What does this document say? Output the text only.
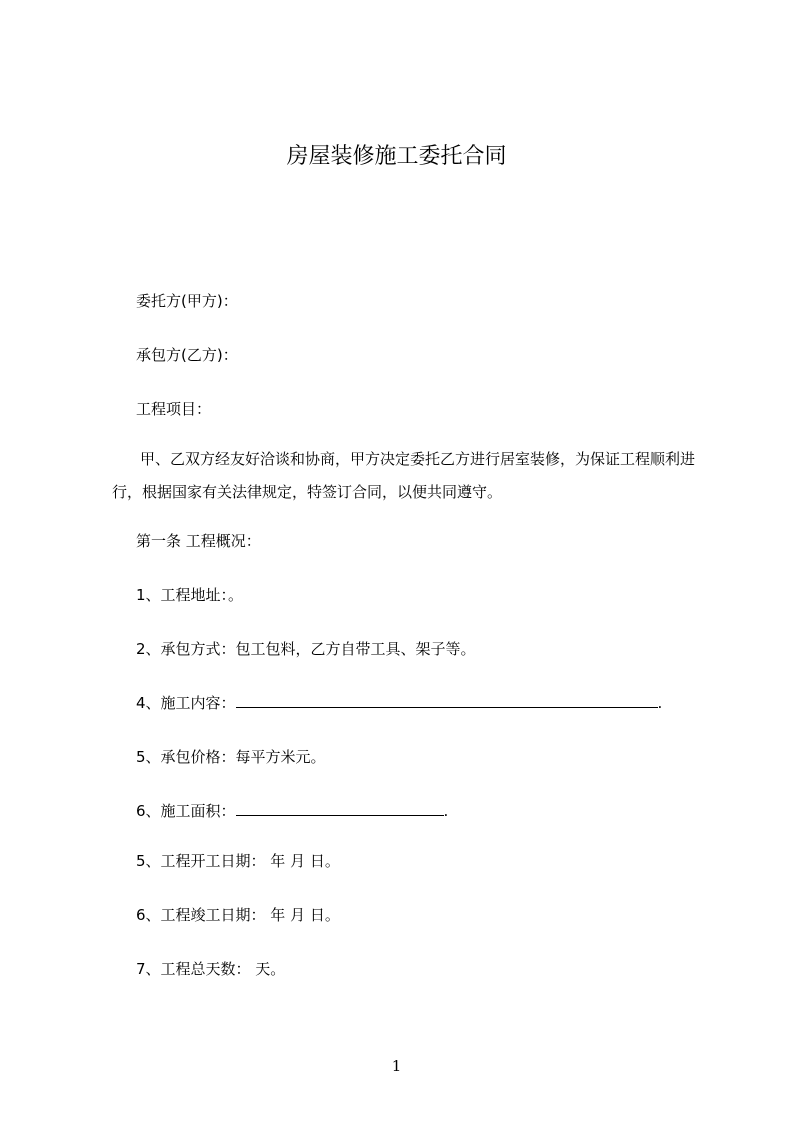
房屋装修施工委托合同
委托方(甲方)：
承包方(乙方)：
工程项目：
甲、乙双方经友好洽谈和协商，甲方决定委托乙方进行居室装修，为保证工程顺利进行，根据国家有关法律规定，特签订合同，以便共同遵守。
第一条 工程概况：
1、工程地址：。
2、承包方式：包工包料，乙方自带工具、架子等。
4、施工内容：	.
5、承包价格：每平方米元。
6、施工面积：	.
5、工程开工日期： 年 月 日。
6、工程竣工日期： 年 月 日。
7、工程总天数： 天。
1
